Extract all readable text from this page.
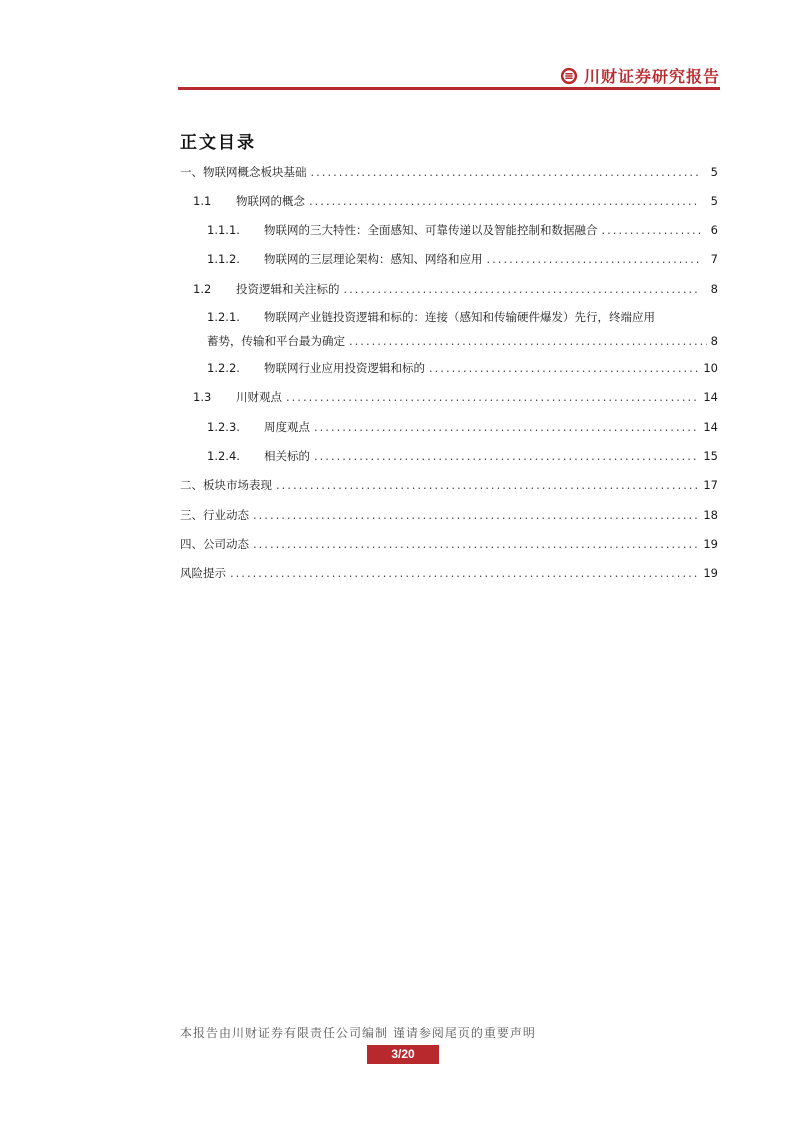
川财证券研究报告
正文目录
一、物联网概念板块基础 .....	5
1.1	物联网的概念 .....	5
1.1.1.	物联网的三大特性：全面感知、可靠传递以及智能控制和数据融合 .....	6
1.1.2.	物联网的三层理论架构：感知、网络和应用 .....	7
1.2	投资逻辑和关注标的 .....	8
1.2.1.	物联网产业链投资逻辑和标的：连接（感知和传输硬件爆发）先行，终端应用
蓄势，传输和平台最为确定 .....	8
1.2.2.	物联网行业应用投资逻辑和标的 .....	10
1.3	川财观点 .....	14
1.2.3.	周度观点 .....	14
1.2.4.	相关标的 .....	15
二、板块市场表现 .....	17
三、行业动态 .....	18
四、公司动态 .....	19
风险提示 .....	19
本报告由川财证券有限责任公司编制 谨请参阅尾页的重要声明
3/20
